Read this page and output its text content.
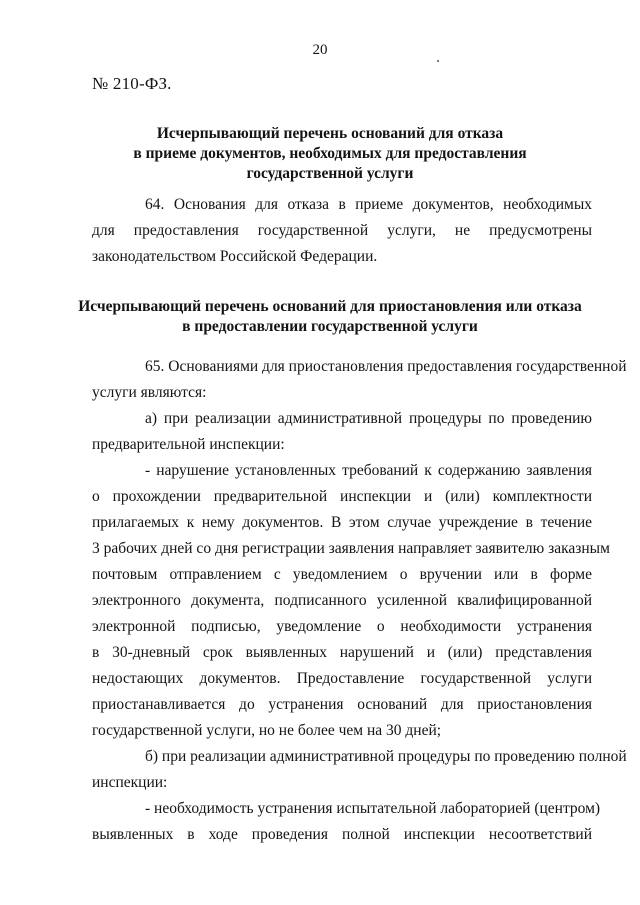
20
№ 210-ФЗ.
Исчерпывающий перечень оснований для отказа
в приеме документов, необходимых для предоставления
государственной услуги
64. Основания для отказа в приеме документов, необходимых
для предоставления государственной услуги, не предусмотрены
законодательством Российской Федерации.
Исчерпывающий перечень оснований для приостановления или отказа
в предоставлении государственной услуги
65. Основаниями для приостановления предоставления государственной
услуги являются:
а) при реализации административной процедуры по проведению
предварительной инспекции:
- нарушение установленных требований к содержанию заявления
о прохождении предварительной инспекции и (или) комплектности
прилагаемых к нему документов. В этом случае учреждение в течение
3 рабочих дней со дня регистрации заявления направляет заявителю заказным
почтовым отправлением с уведомлением о вручении или в форме
электронного документа, подписанного усиленной квалифицированной
электронной подписью, уведомление о необходимости устранения
в 30-дневный срок выявленных нарушений и (или) представления
недостающих документов. Предоставление государственной услуги
приостанавливается до устранения оснований для приостановления
государственной услуги, но не более чем на 30 дней;
б) при реализации административной процедуры по проведению полной
инспекции:
- необходимость устранения испытательной лабораторией (центром)
выявленных в ходе проведения полной инспекции несоответствий
